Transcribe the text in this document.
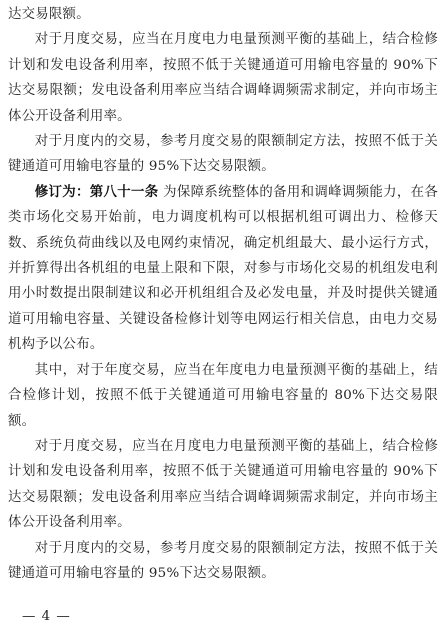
达交易限额。

对于月度交易，应当在月度电力电量预测平衡的基础上，结合检修计划和发电设备利用率，按照不低于关键通道可用输电容量的 90%下达交易限额；发电设备利用率应当结合调峰调频需求制定，并向市场主体公开设备利用率。

对于月度内的交易，参考月度交易的限额制定方法，按照不低于关键通道可用输电容量的 95%下达交易限额。

修订为：第八十一条 为保障系统整体的备用和调峰调频能力，在各类市场化交易开始前，电力调度机构可以根据机组可调出力、检修天数、系统负荷曲线以及电网约束情况，确定机组最大、最小运行方式，并折算得出各机组的电量上限和下限，对参与市场化交易的机组发电利用小时数提出限制建议和必开机组组合及必发电量，并及时提供关键通道可用输电容量、关键设备检修计划等电网运行相关信息，由电力交易机构予以公布。

其中，对于年度交易，应当在年度电力电量预测平衡的基础上，结合检修计划，按照不低于关键通道可用输电容量的 80%下达交易限额。

对于月度交易，应当在月度电力电量预测平衡的基础上，结合检修计划和发电设备利用率，按照不低于关键通道可用输电容量的 90%下达交易限额；发电设备利用率应当结合调峰调频需求制定，并向市场主体公开设备利用率。

对于月度内的交易，参考月度交易的限额制定方法，按照不低于关键通道可用输电容量的 95%下达交易限额。

— 4 —
